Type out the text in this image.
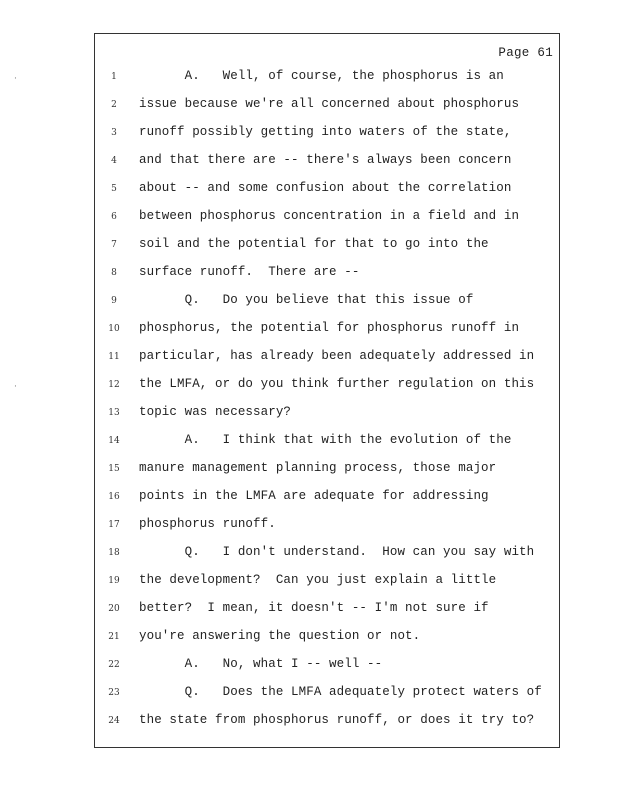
Page 61
1	A.   Well, of course, the phosphorus is an
2	issue because we're all concerned about phosphorus
3	runoff possibly getting into waters of the state,
4	and that there are -- there's always been concern
5	about -- and some confusion about the correlation
6	between phosphorus concentration in a field and in
7	soil and the potential for that to go into the
8	surface runoff.  There are --
9	Q.   Do you believe that this issue of
10 phosphorus, the potential for phosphorus runoff in
11 particular, has already been adequately addressed in
12 the LMFA, or do you think further regulation on this
13 topic was necessary?
14 A.   I think that with the evolution of the
15 manure management planning process, those major
16 points in the LMFA are adequate for addressing
17 phosphorus runoff.
18 Q.   I don't understand.  How can you say with
19 the development?  Can you just explain a little
20 better?  I mean, it doesn't -- I'm not sure if
21 you're answering the question or not.
22 A.   No, what I -- well --
23 Q.   Does the LMFA adequately protect waters of
24 the state from phosphorus runoff, or does it try to?
·
·
